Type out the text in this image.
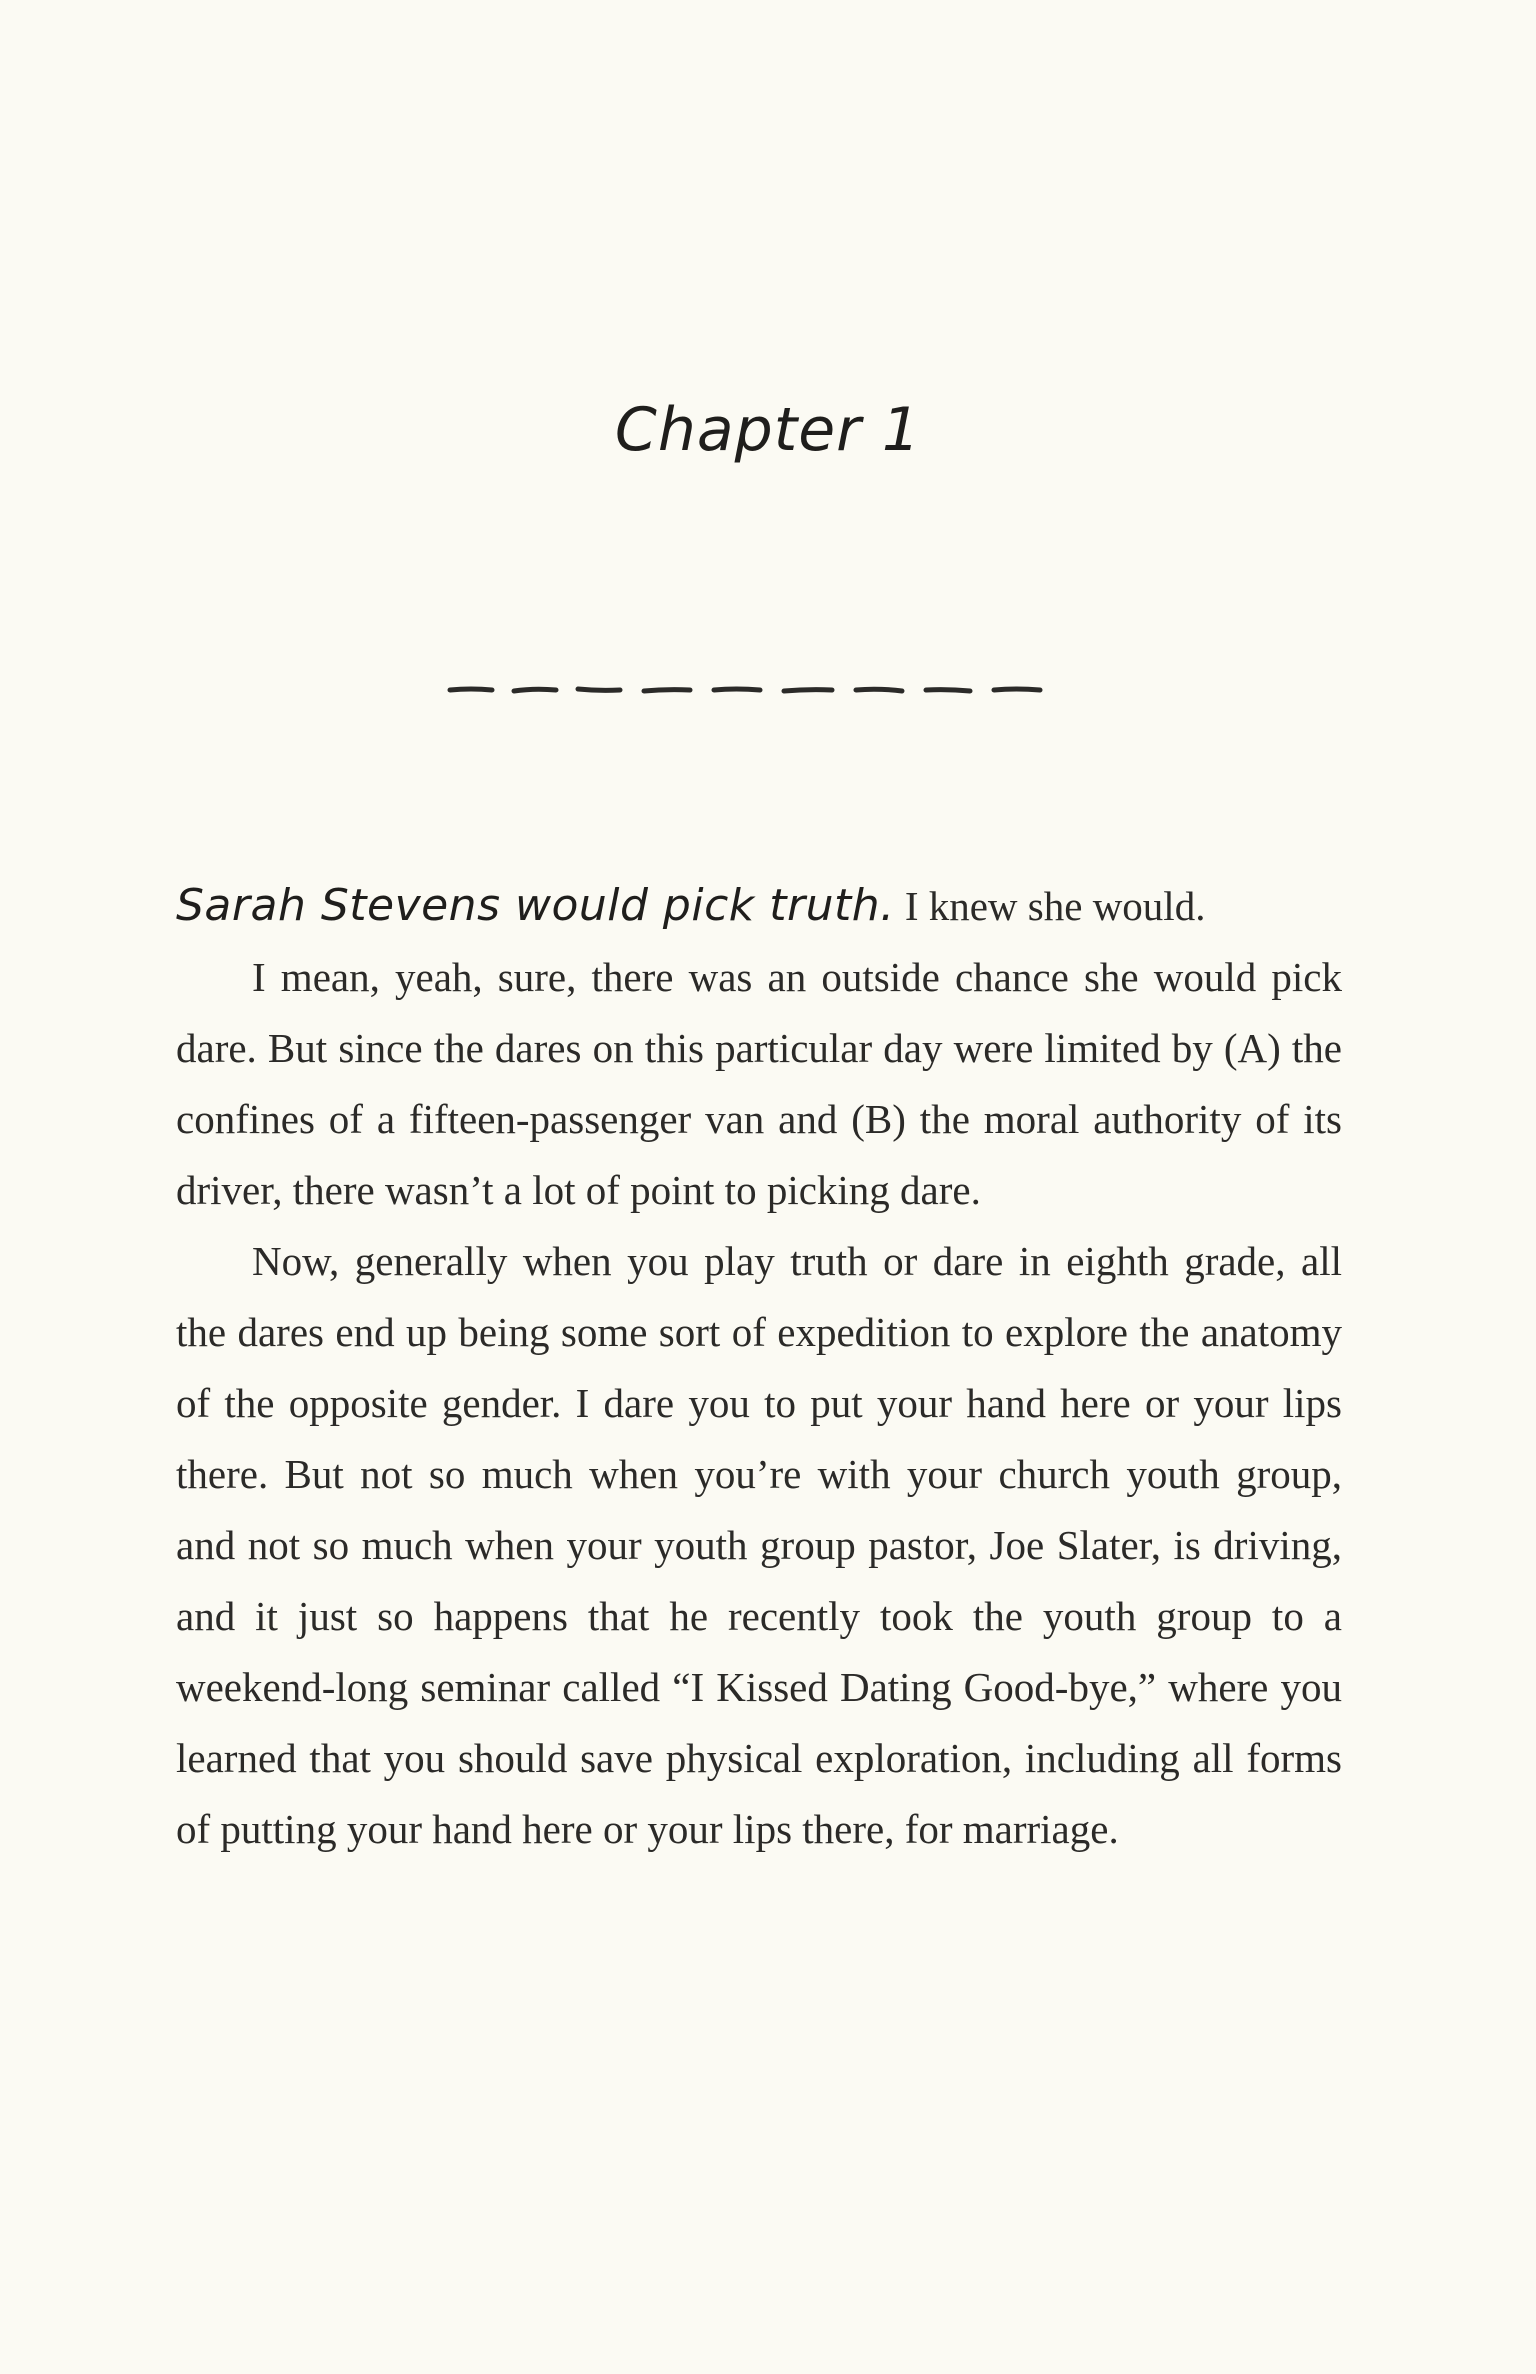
Chapter 1

Sarah Stevens would pick truth. I knew she would.

I mean, yeah, sure, there was an outside chance she would pick dare. But since the dares on this particular day were limited by (A) the confines of a fifteen-passenger van and (B) the moral authority of its driver, there wasn’t a lot of point to picking dare.

Now, generally when you play truth or dare in eighth grade, all the dares end up being some sort of expedition to explore the anatomy of the opposite gender. I dare you to put your hand here or your lips there. But not so much when you’re with your church youth group, and not so much when your youth group pastor, Joe Slater, is driving, and it just so happens that he recently took the youth group to a weekend-long seminar called “I Kissed Dating Good-bye,” where you learned that you should save physical exploration, including all forms of putting your hand here or your lips there, for marriage.
